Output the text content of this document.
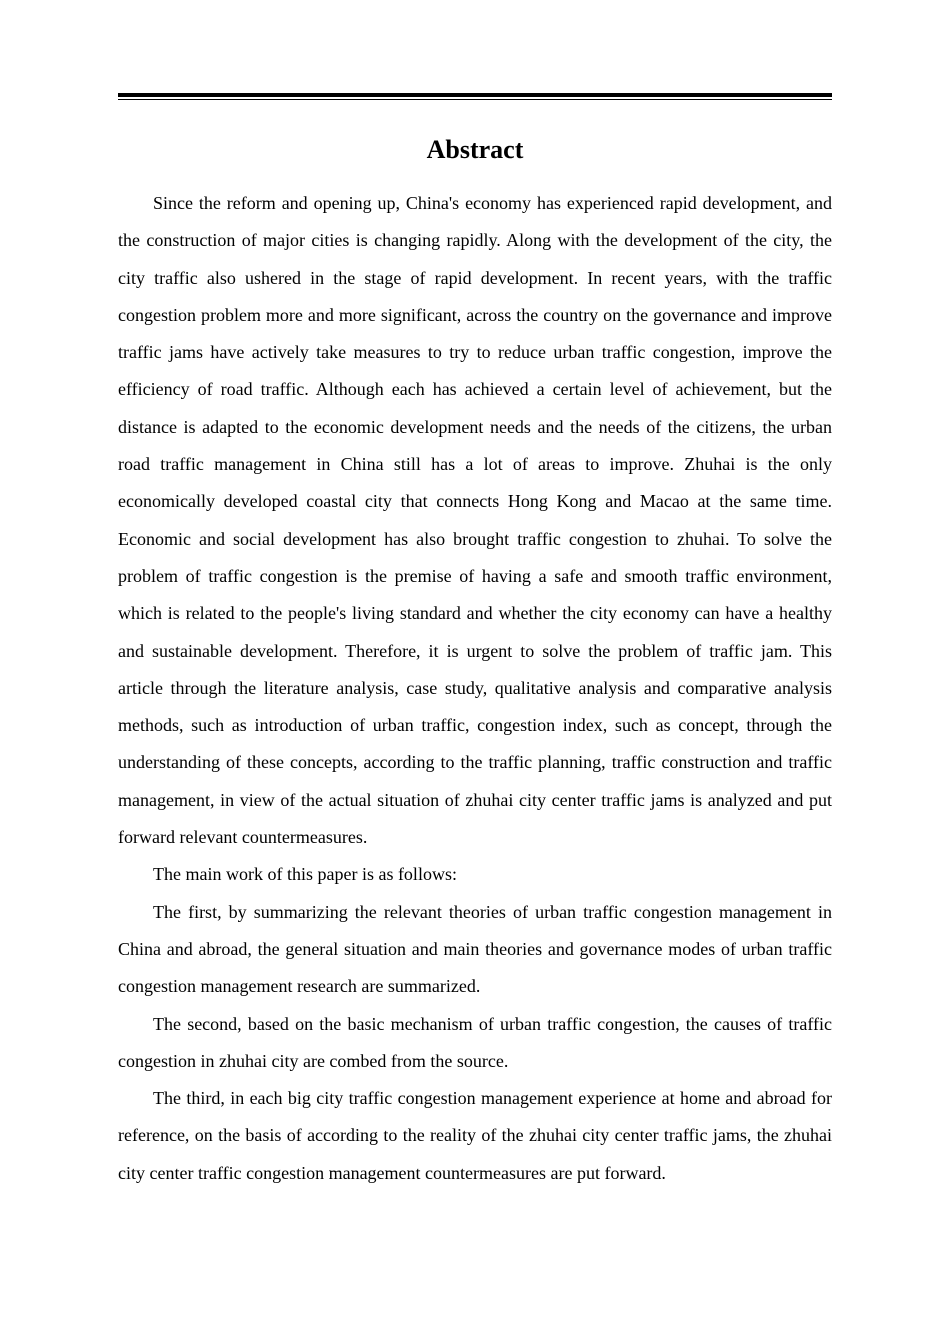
Abstract

Since the reform and opening up, China's economy has experienced rapid development, and the construction of major cities is changing rapidly. Along with the development of the city, the city traffic also ushered in the stage of rapid development. In recent years, with the traffic congestion problem more and more significant, across the country on the governance and improve traffic jams have actively take measures to try to reduce urban traffic congestion, improve the efficiency of road traffic. Although each has achieved a certain level of achievement, but the distance is adapted to the economic development needs and the needs of the citizens, the urban road traffic management in China still has a lot of areas to improve. Zhuhai is the only economically developed coastal city that connects Hong Kong and Macao at the same time. Economic and social development has also brought traffic congestion to zhuhai. To solve the problem of traffic congestion is the premise of having a safe and smooth traffic environment, which is related to the people's living standard and whether the city economy can have a healthy and sustainable development. Therefore, it is urgent to solve the problem of traffic jam. This article through the literature analysis, case study, qualitative analysis and comparative analysis methods, such as introduction of urban traffic, congestion index, such as concept, through the understanding of these concepts, according to the traffic planning, traffic construction and traffic management, in view of the actual situation of zhuhai city center traffic jams is analyzed and put forward relevant countermeasures.

The main work of this paper is as follows:

The first, by summarizing the relevant theories of urban traffic congestion management in China and abroad, the general situation and main theories and governance modes of urban traffic congestion management research are summarized.

The second, based on the basic mechanism of urban traffic congestion, the causes of traffic congestion in zhuhai city are combed from the source.

The third, in each big city traffic congestion management experience at home and abroad for reference, on the basis of according to the reality of the zhuhai city center traffic jams, the zhuhai city center traffic congestion management countermeasures are put forward.
